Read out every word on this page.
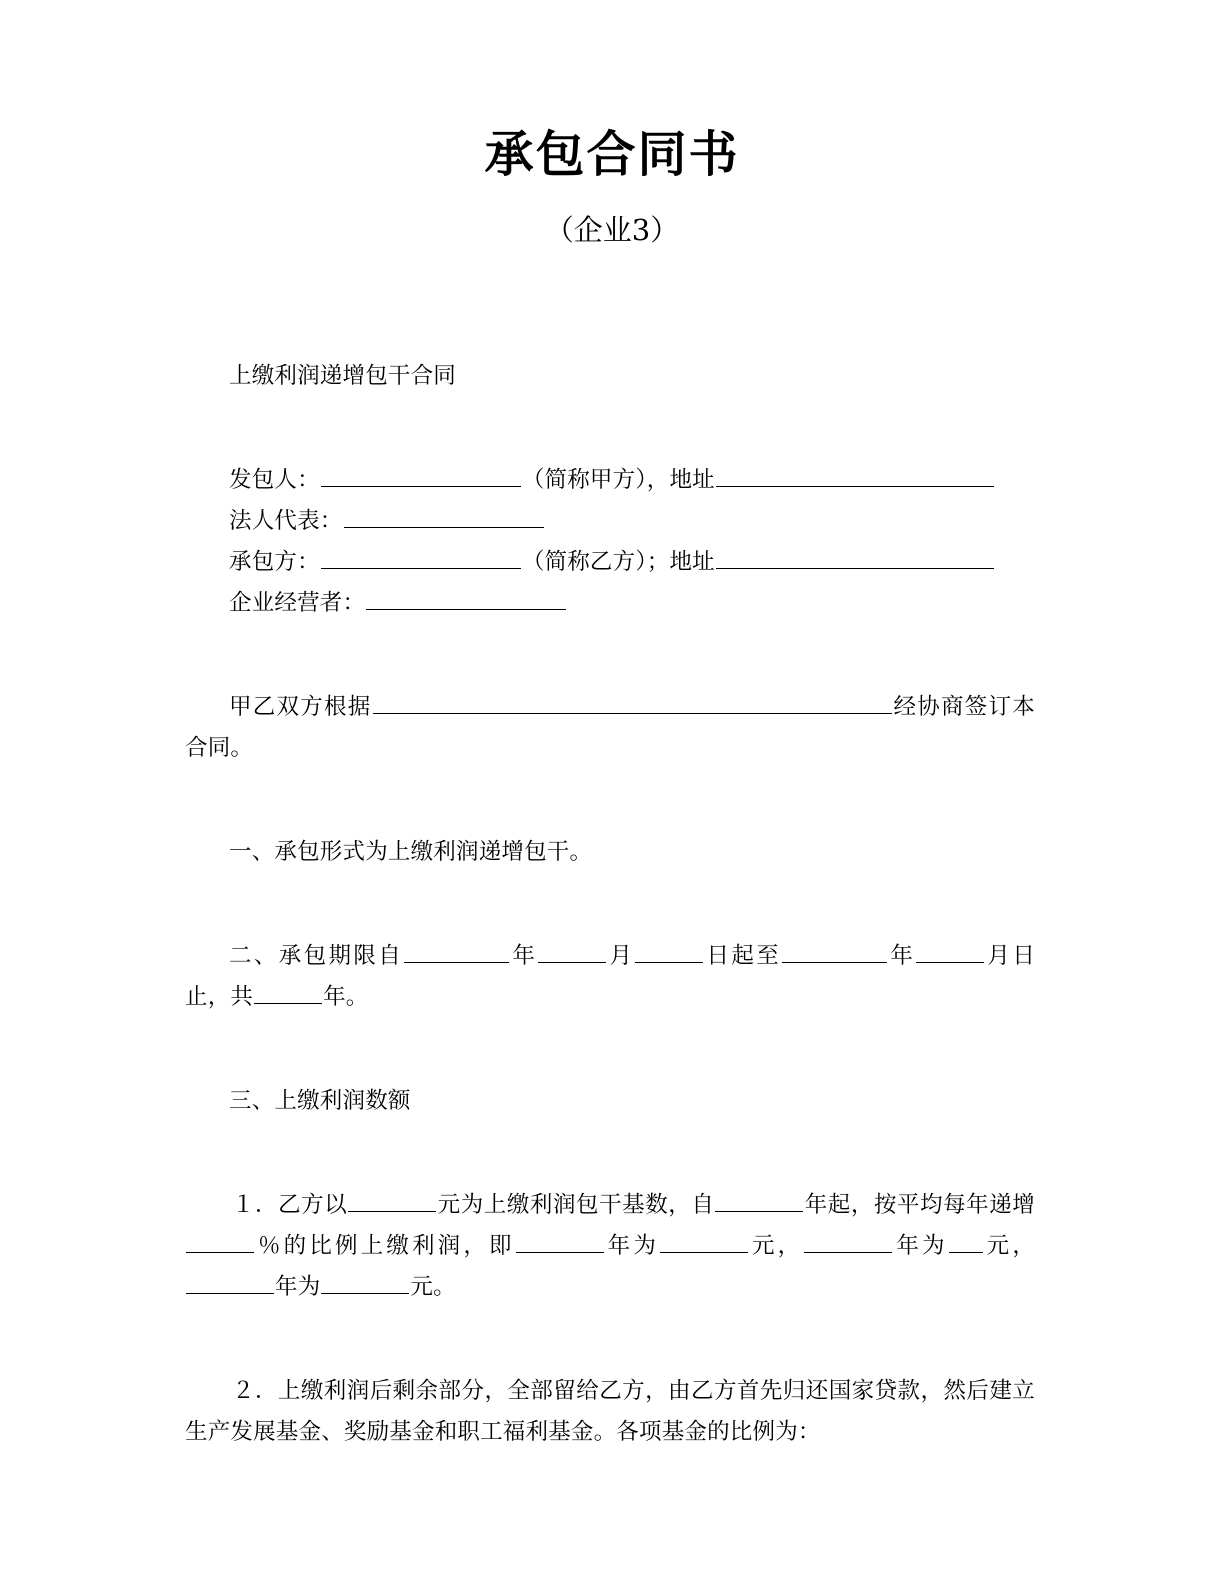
承包合同书

（企业3）

上缴利润递增包干合同

发包人：	（简称甲方），地址

法人代表：

承包方：	（简称乙方）；地址

企业经营者：

甲乙双方根据	经协商签订本合同。

一、承包形式为上缴利润递增包干。

二、承包期限自	年	月	日起至	年	月日止，共	年。

三、上缴利润数额

１．乙方以	元为上缴利润包干基数，自	年起，按平均每年递增％的比例上缴利润，即	年为	元，	年为 元，年为	元。

２．上缴利润后剩余部分，全部留给乙方，由乙方首先归还国家贷款，然后建立生产发展基金、奖励基金和职工福利基金。各项基金的比例为：
